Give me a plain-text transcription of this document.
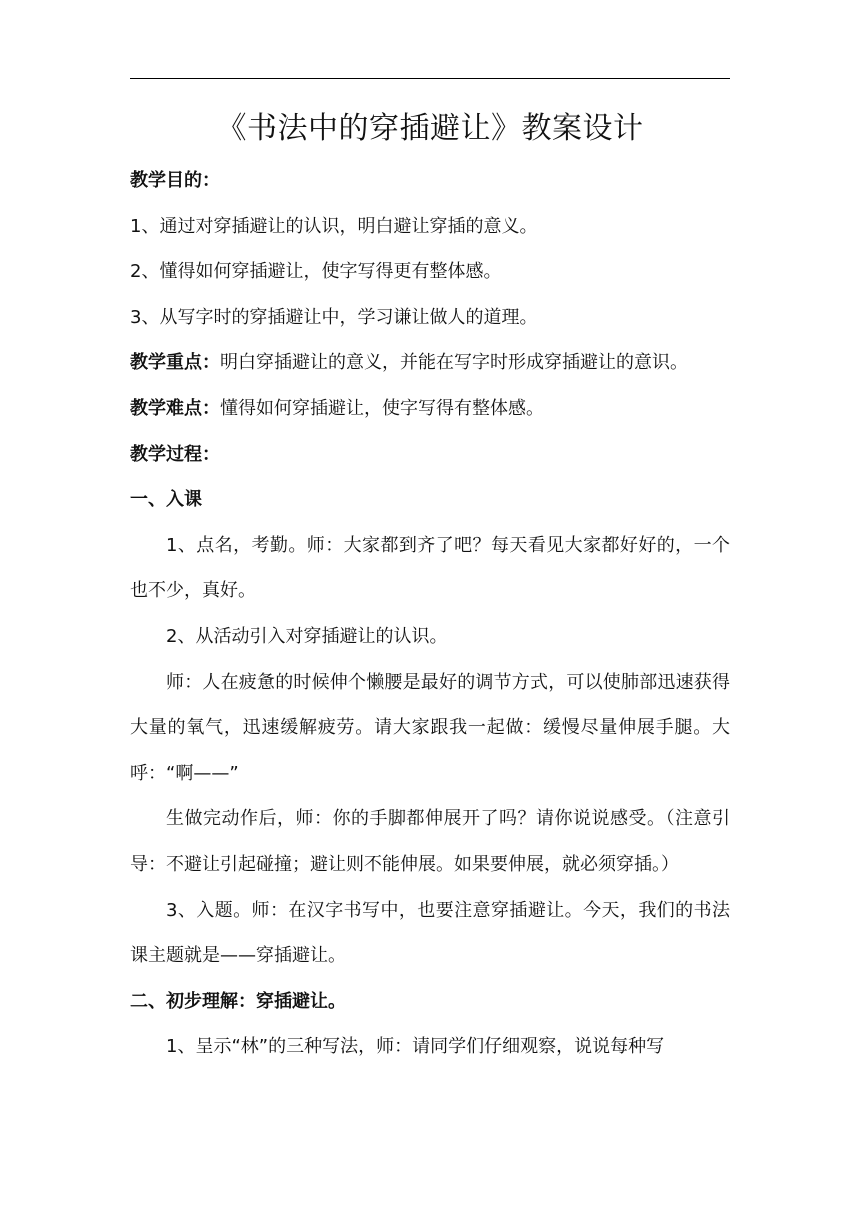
《书法中的穿插避让》教案设计

教学目的：

1、通过对穿插避让的认识，明白避让穿插的意义。

2、懂得如何穿插避让，使字写得更有整体感。

3、从写字时的穿插避让中，学习谦让做人的道理。

教学重点：明白穿插避让的意义，并能在写字时形成穿插避让的意识。

教学难点：懂得如何穿插避让，使字写得有整体感。

教学过程：

一、入课

1、点名，考勤。师：大家都到齐了吧？每天看见大家都好好的，一个也不少，真好。

2、从活动引入对穿插避让的认识。

师：人在疲惫的时候伸个懒腰是最好的调节方式，可以使肺部迅速获得大量的氧气，迅速缓解疲劳。请大家跟我一起做：缓慢尽量伸展手腿。大呼：“啊——”

生做完动作后，师：你的手脚都伸展开了吗？请你说说感受。（注意引导：不避让引起碰撞；避让则不能伸展。如果要伸展，就必须穿插。）

3、入题。师：在汉字书写中，也要注意穿插避让。今天，我们的书法课主题就是——穿插避让。

二、初步理解：穿插避让。

1、呈示“林”的三种写法，师：请同学们仔细观察，说说每种写
